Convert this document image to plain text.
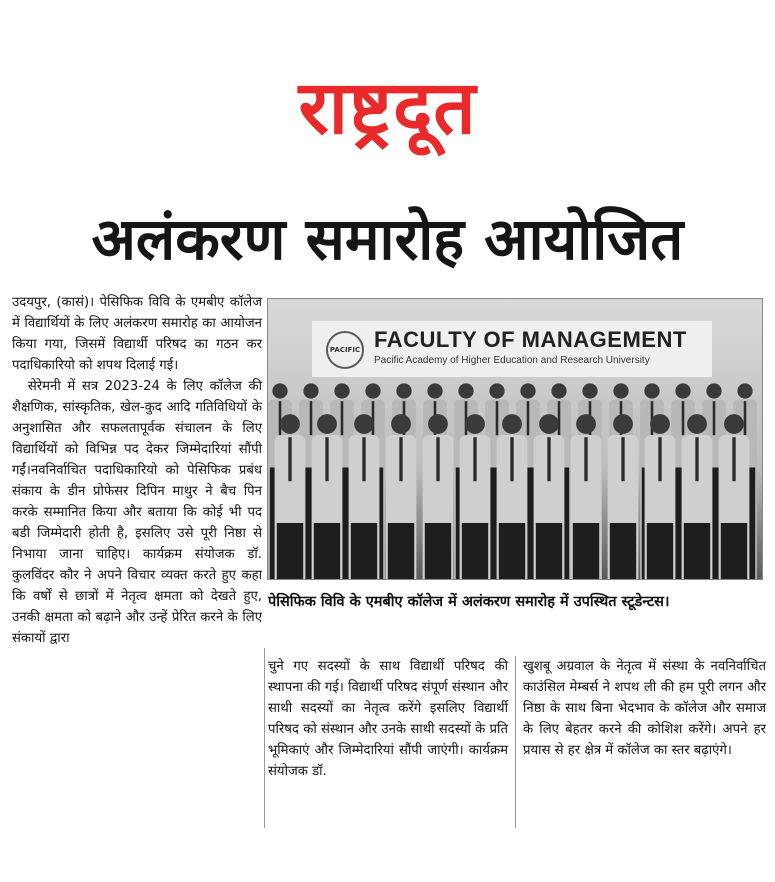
राष्ट्रदूत
अलंकरण समारोह आयोजित

उदयपुर, (कासं)। पेसिफिक विवि के एमबीए कॉलेज में विद्यार्थियों के लिए अलंकरण समारोह का आयोजन किया गया, जिसमें विद्यार्थी परिषद का गठन कर पदाधिकारियो को शपथ दिलाई गई।

सेरेमनी में सत्र 2023-24 के लिए कॉलेज की शैक्षणिक, सांस्कृतिक, खेल-कुद आदि गतिविधियों के अनुशासित और सफलतापूर्वक संचालन के लिए विद्यार्थियों को विभिन्न पद देकर जिम्मेदारियां सौंपी गईं।नवनिर्वाचित पदाधिकारियो को पेसिफिक प्रबंध संकाय के डीन प्रोफेसर दिपिन माथुर ने बैच पिन करके सम्मानित किया और बताया कि कोई भी पद बडी जिम्मेदारी होती है, इसलिए उसे पूरी निष्ठा से निभाया जाना चाहिए। कार्यक्रम संयोजक डॉ. कुलविंदर कौर ने अपने विचार व्यक्त करते हुए कहा कि वर्षों से छात्रों में नेतृत्व क्षमता को देखते हुए, उनकी क्षमता को बढ़ाने और उन्हें प्रेरित करने के लिए संकायों द्वारा

PACIFIC FACULTY OF MANAGEMENT
Pacific Academy of Higher Education and Research University
पेसिफिक विवि के एमबीए कॉलेज में अलंकरण समारोह में उपस्थित स्टूडेन्टस।

चुने गए सदस्यों के साथ विद्यार्थी परिषद की स्थापना की गई। विद्यार्थी परिषद संपूर्ण संस्थान और साथी सदस्यों का नेतृत्व करेंगे इसलिए विद्यार्थी परिषद को संस्थान और उनके साथी सदस्यों के प्रति भूमिकाएं और जिम्मेदारियां सौंपी जाएंगी। कार्यक्रम संयोजक डॉ.

खुशबू अग्रवाल के नेतृत्व में संस्था के नवनिर्वाचित काउंसिल मेम्बर्स ने शपथ ली की हम पूरी लगन और निष्ठा के साथ बिना भेदभाव के कॉलेज और समाज के लिए बेहतर करने की कोशिश करेंगे। अपने हर प्रयास से हर क्षेत्र में कॉलेज का स्तर बढ़ाएंगे।
